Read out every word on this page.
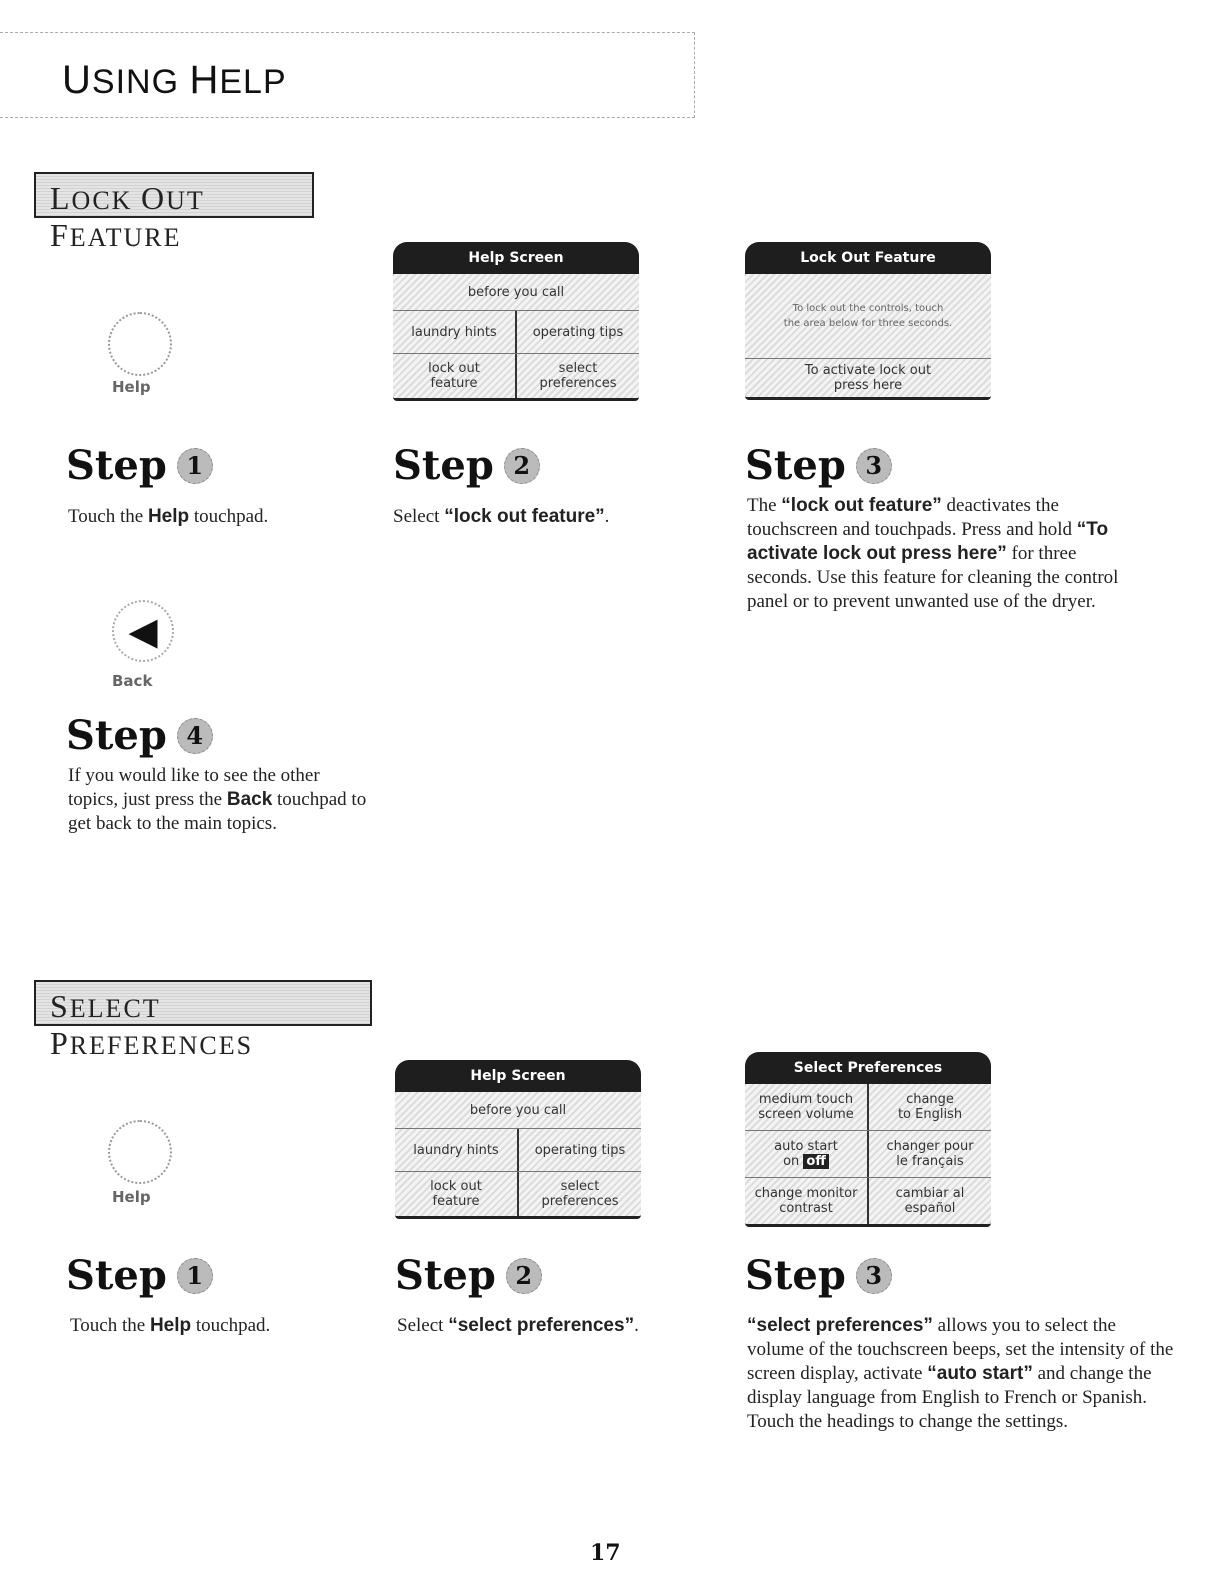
USING HELP
LOCK OUT FEATURE
Help
Help Screen
before you call
laundry hints	operating tips
lock out
feature
select
preferences
Lock Out Feature
To lock out the controls, touch
the area below for three seconds.
To activate lock out
press here
Step 1
Touch the Help touchpad.
Step 2
Select “lock out feature”.
Step 3
The “lock out feature” deactivates the touchscreen and touchpads. Press and hold “To activate lock out press here” for three seconds. Use this feature for cleaning the control panel or to prevent unwanted use of the dryer.
◀
Back
Step 4
If you would like to see the other topics, just press the Back touchpad to get back to the main topics.
SELECT PREFERENCES
Help
Help Screen
before you call
laundry hints	operating tips
lock out
feature
select
preferences
Select Preferences
medium touch
screen volume
change
to English
auto start
on off
changer pour
le français
change monitor
contrast
cambiar al
español
Step 1
Touch the Help touchpad.
Step 2
Select “select preferences”.
Step 3
“select preferences” allows you to select the volume of the touchscreen beeps, set the intensity of the screen display, activate “auto start” and change the display language from English to French or Spanish. Touch the headings to change the settings.
17
